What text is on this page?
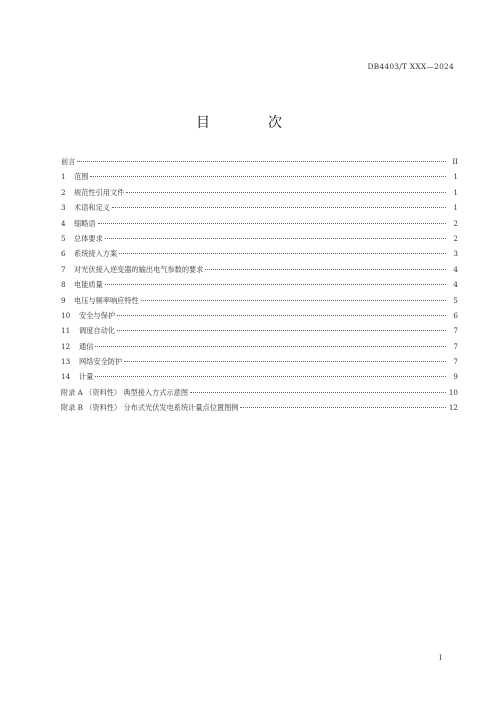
DB4403/T XXX—2024
目　次
前言	II
1	范围	1
2	规范性引用文件	1
3	术语和定义	1
4	缩略语	2
5	总体要求	2
6	系统接入方案	3
7	对光伏接入逆变器的输出电气参数的要求	4
8	电能质量	4
9	电压与频率响应特性	5
10	安全与保护	6
11	调度自动化	7
12	通信	7
13	网络安全防护	7
14	计量	9
附录 A （资料性） 典型接入方式示意图	10
附录 B （资料性） 分布式光伏发电系统计量点位置图例	12
I
